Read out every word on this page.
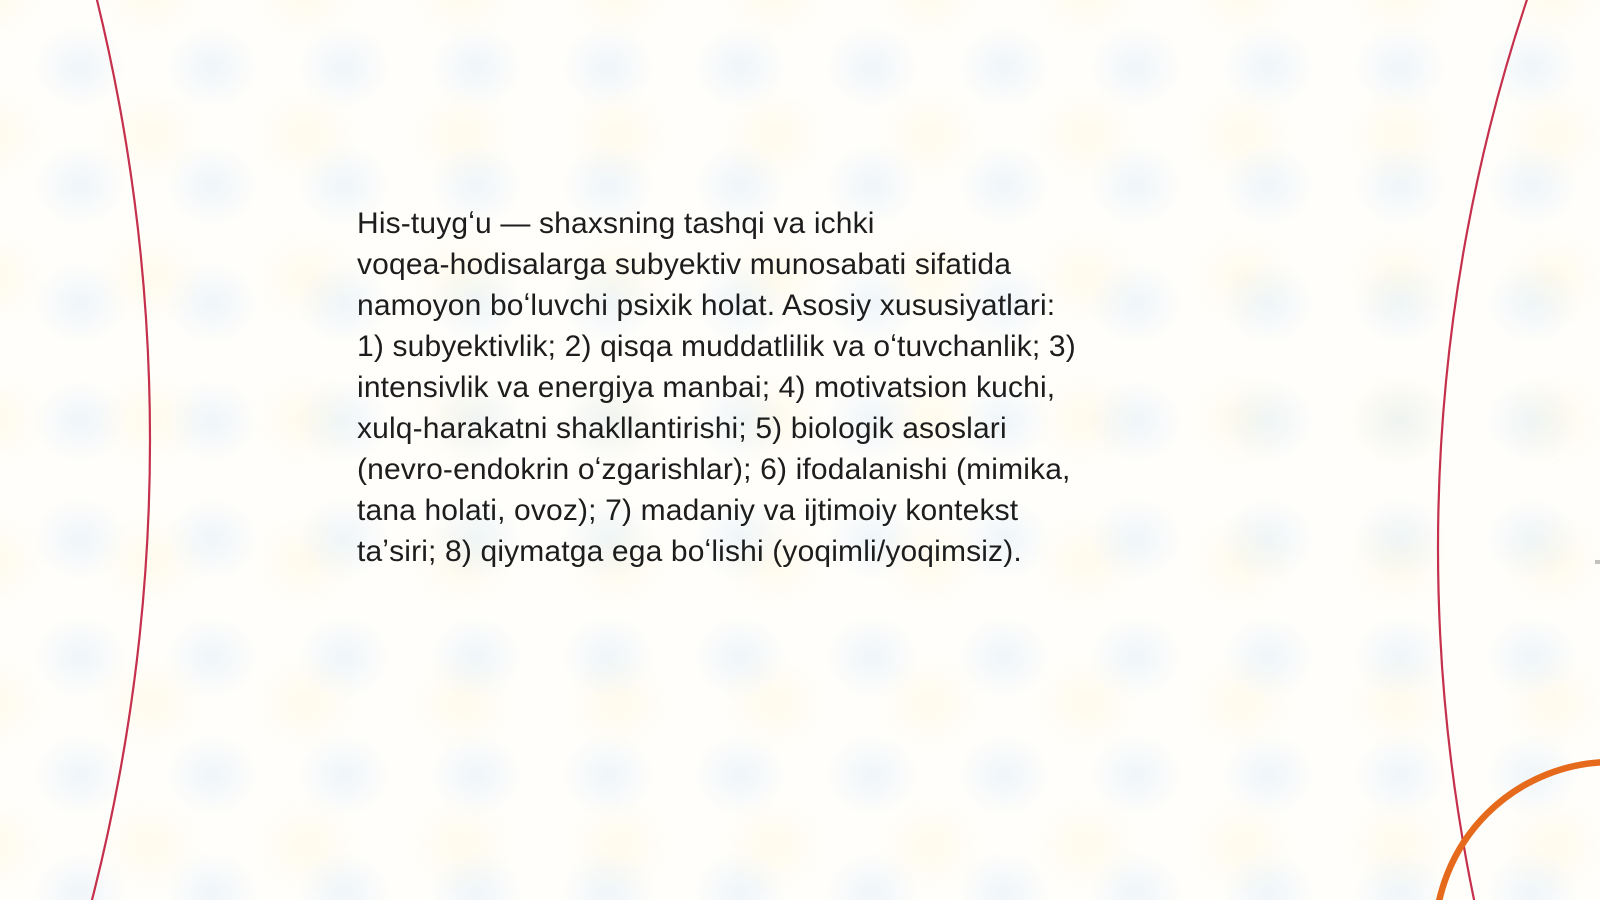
His-tuygʻu — shaxsning tashqi va ichki
voqea-hodisalarga subyektiv munosabati sifatida
namoyon boʻluvchi psixik holat. Asosiy xususiyatlari:
1) subyektivlik; 2) qisqa muddatlilik va oʻtuvchanlik; 3)
intensivlik va energiya manbai; 4) motivatsion kuchi,
xulq-harakatni shakllantirishi; 5) biologik asoslari
(nevro-endokrin oʻzgarishlar); 6) ifodalanishi (mimika,
tana holati, ovoz); 7) madaniy va ijtimoiy kontekst
taʼsiri; 8) qiymatga ega boʻlishi (yoqimli/yoqimsiz).
